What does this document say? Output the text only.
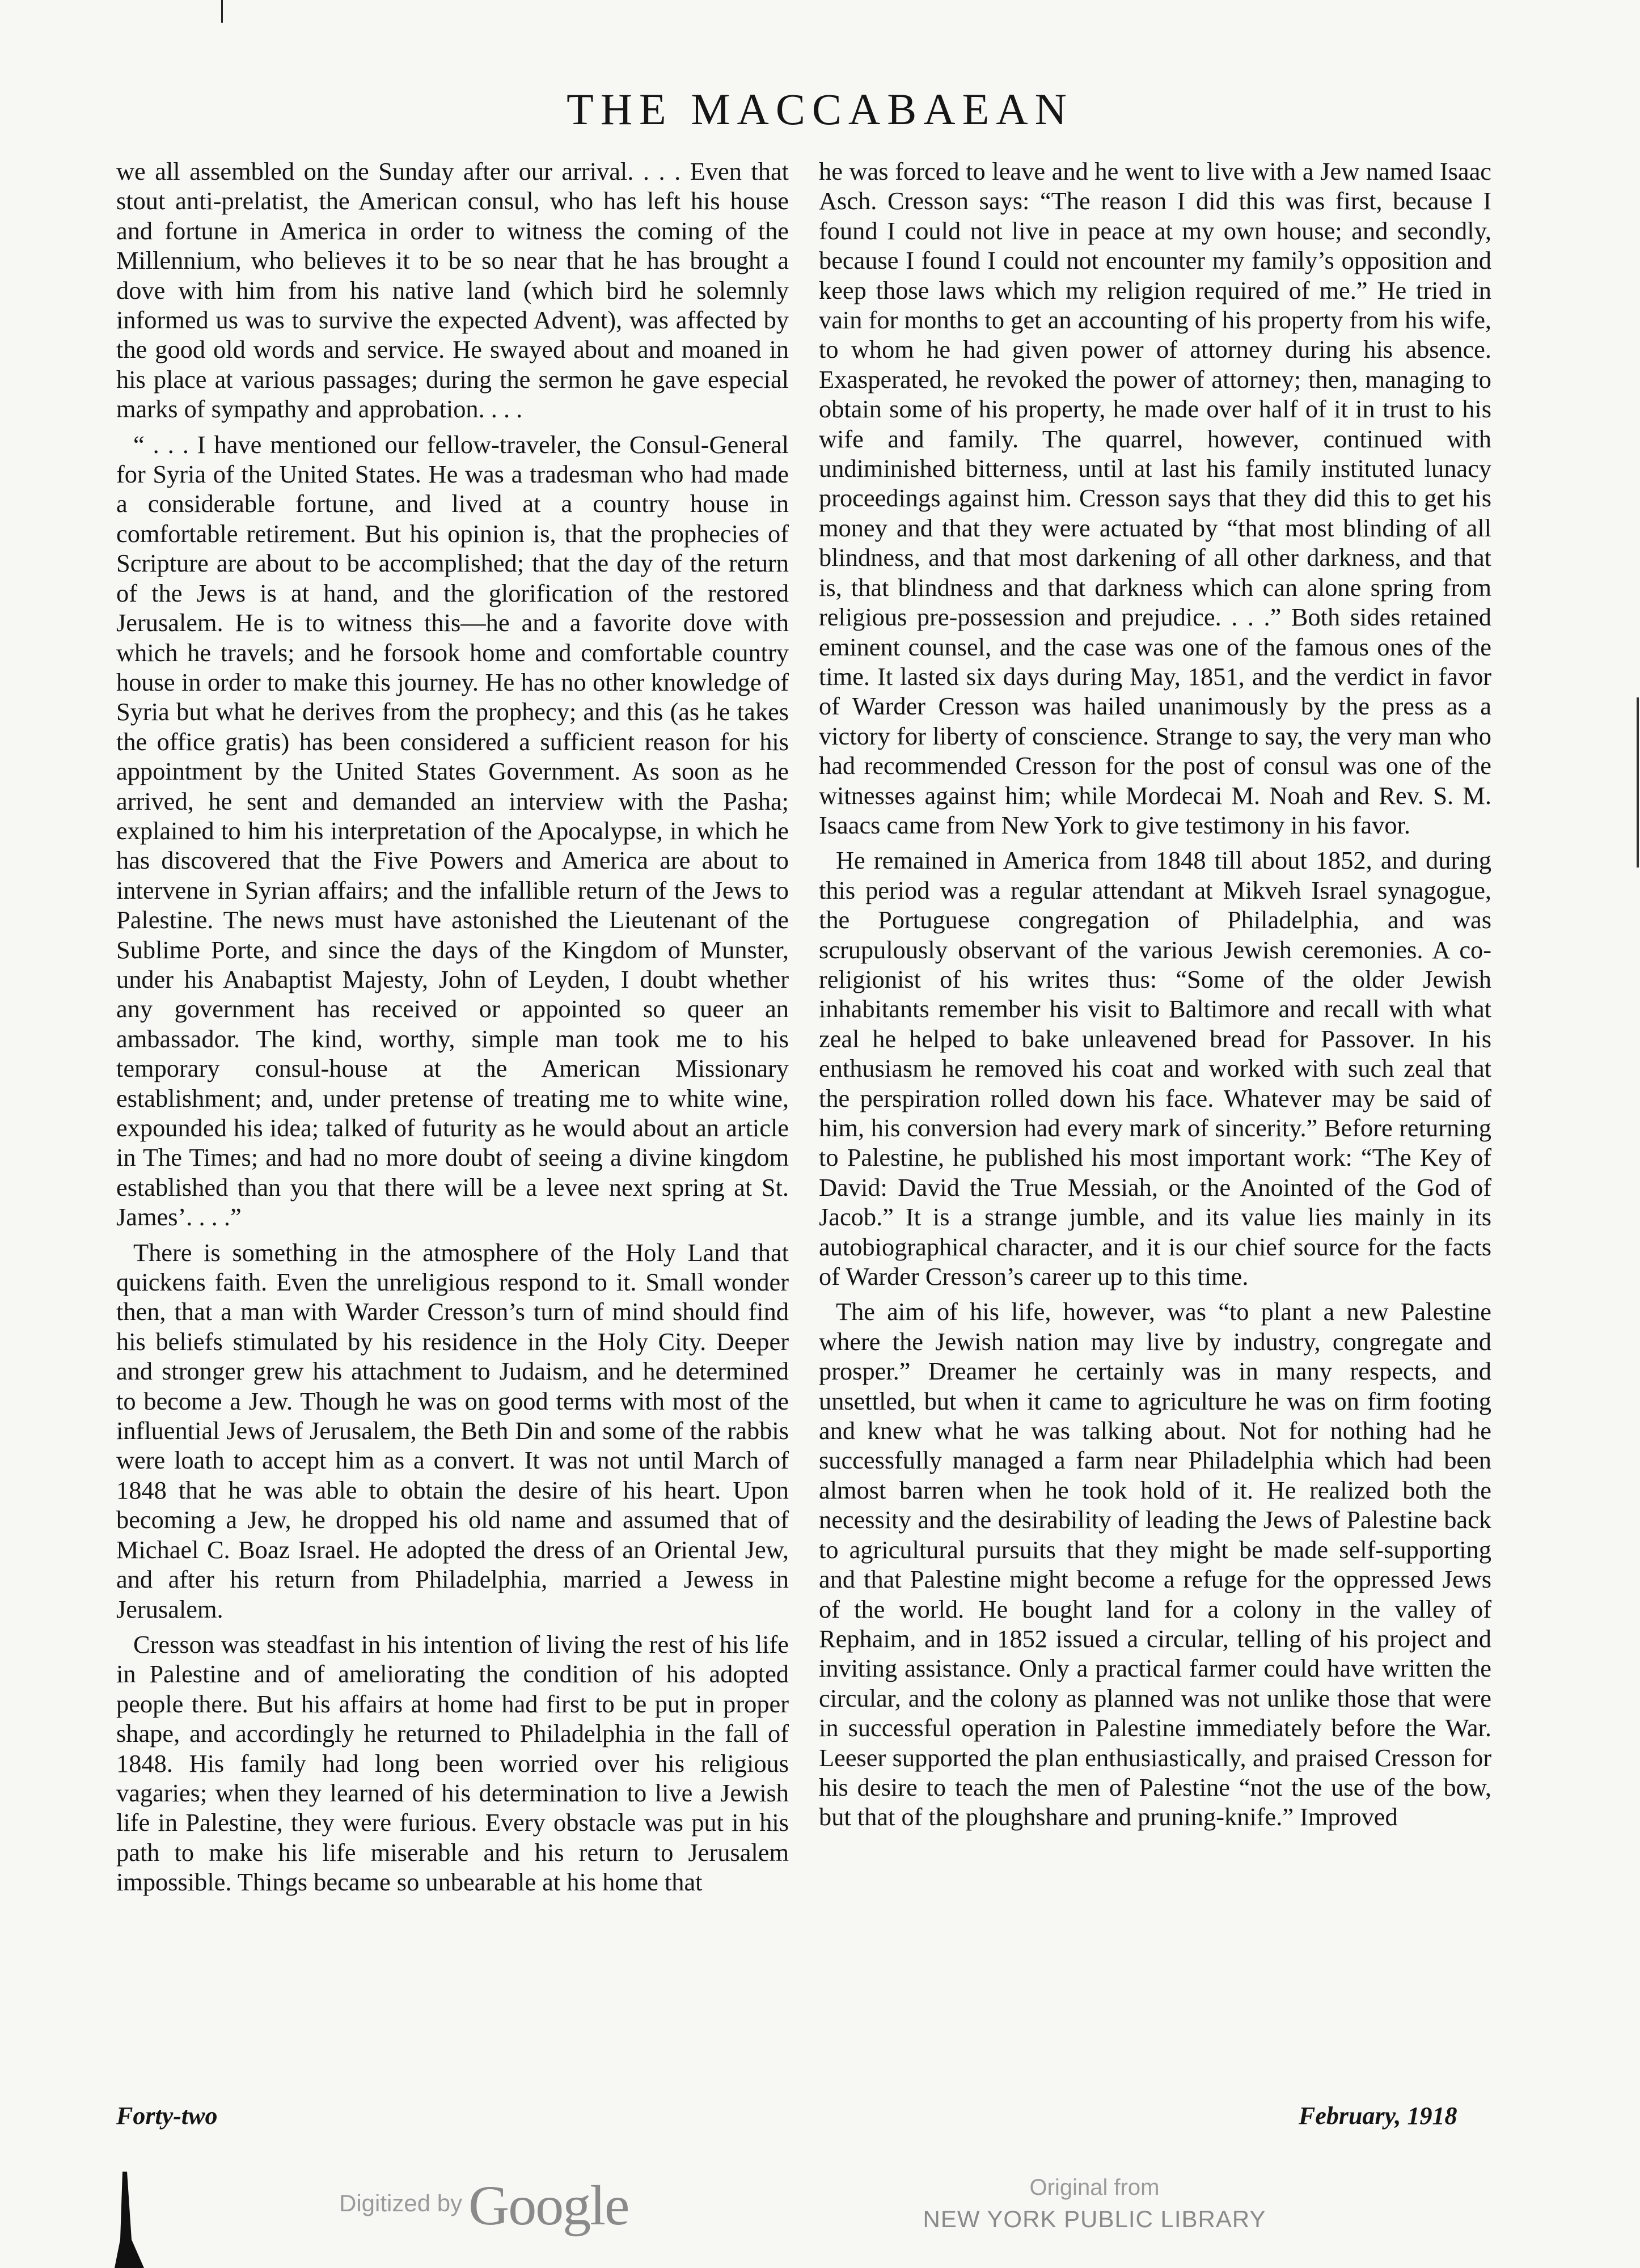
THE MACCABAEAN

we all assembled on the Sunday after our arrival. . . . Even that stout anti-prelatist, the American consul, who has left his house and fortune in America in order to witness the coming of the Millennium, who believes it to be so near that he has brought a dove with him from his native land (which bird he solemnly informed us was to survive the expected Advent), was affected by the good old words and service. He swayed about and moaned in his place at various passages; during the sermon he gave especial marks of sympathy and approbation. . . .

“ . . . I have mentioned our fellow-traveler, the Consul-General for Syria of the United States. He was a tradesman who had made a considerable fortune, and lived at a country house in comfortable retirement. But his opinion is, that the prophecies of Scripture are about to be accomplished; that the day of the return of the Jews is at hand, and the glorification of the restored Jerusalem. He is to witness this—he and a favorite dove with which he travels; and he forsook home and comfortable country house in order to make this journey. He has no other knowledge of Syria but what he derives from the prophecy; and this (as he takes the office gratis) has been considered a sufficient reason for his appointment by the United States Government. As soon as he arrived, he sent and demanded an interview with the Pasha; explained to him his interpretation of the Apocalypse, in which he has discovered that the Five Powers and America are about to intervene in Syrian affairs; and the infallible return of the Jews to Palestine. The news must have astonished the Lieutenant of the Sublime Porte, and since the days of the Kingdom of Munster, under his Anabaptist Majesty, John of Leyden, I doubt whether any government has received or appointed so queer an ambassador. The kind, worthy, simple man took me to his temporary consul-house at the American Missionary establishment; and, under pretense of treating me to white wine, expounded his idea; talked of futurity as he would about an article in The Times; and had no more doubt of seeing a divine kingdom established than you that there will be a levee next spring at St. James’. . . .”

There is something in the atmosphere of the Holy Land that quickens faith. Even the unreligious respond to it. Small wonder then, that a man with Warder Cresson’s turn of mind should find his beliefs stimulated by his residence in the Holy City. Deeper and stronger grew his attachment to Judaism, and he determined to become a Jew. Though he was on good terms with most of the influential Jews of Jerusalem, the Beth Din and some of the rabbis were loath to accept him as a convert. It was not until March of 1848 that he was able to obtain the desire of his heart. Upon becoming a Jew, he dropped his old name and assumed that of Michael C. Boaz Israel. He adopted the dress of an Oriental Jew, and after his return from Philadelphia, married a Jewess in Jerusalem.

Cresson was steadfast in his intention of living the rest of his life in Palestine and of ameliorating the condition of his adopted people there. But his affairs at home had first to be put in proper shape, and accordingly he returned to Philadelphia in the fall of 1848. His family had long been worried over his religious vagaries; when they learned of his determination to live a Jewish life in Palestine, they were furious. Every obstacle was put in his path to make his life miserable and his return to Jerusalem impossible. Things became so unbearable at his home that

he was forced to leave and he went to live with a Jew named Isaac Asch. Cresson says: “The reason I did this was first, because I found I could not live in peace at my own house; and secondly, because I found I could not encounter my family’s opposition and keep those laws which my religion required of me.” He tried in vain for months to get an accounting of his property from his wife, to whom he had given power of attorney during his absence. Exasperated, he revoked the power of attorney; then, managing to obtain some of his property, he made over half of it in trust to his wife and family. The quarrel, however, continued with undiminished bitterness, until at last his family instituted lunacy proceedings against him. Cresson says that they did this to get his money and that they were actuated by “that most blinding of all blindness, and that most darkening of all other darkness, and that is, that blindness and that darkness which can alone spring from religious pre-possession and prejudice. . . .” Both sides retained eminent counsel, and the case was one of the famous ones of the time. It lasted six days during May, 1851, and the verdict in favor of Warder Cresson was hailed unanimously by the press as a victory for liberty of conscience. Strange to say, the very man who had recommended Cresson for the post of consul was one of the witnesses against him; while Mordecai M. Noah and Rev. S. M. Isaacs came from New York to give testimony in his favor.

He remained in America from 1848 till about 1852, and during this period was a regular attendant at Mikveh Israel synagogue, the Portuguese congregation of Philadelphia, and was scrupulously observant of the various Jewish ceremonies. A co-religionist of his writes thus: “Some of the older Jewish inhabitants remember his visit to Baltimore and recall with what zeal he helped to bake unleavened bread for Passover. In his enthusiasm he removed his coat and worked with such zeal that the perspiration rolled down his face. Whatever may be said of him, his conversion had every mark of sincerity.” Before returning to Palestine, he published his most important work: “The Key of David: David the True Messiah, or the Anointed of the God of Jacob.” It is a strange jumble, and its value lies mainly in its autobiographical character, and it is our chief source for the facts of Warder Cresson’s career up to this time.

The aim of his life, however, was “to plant a new Palestine where the Jewish nation may live by industry, congregate and prosper.” Dreamer he certainly was in many respects, and unsettled, but when it came to agriculture he was on firm footing and knew what he was talking about. Not for nothing had he successfully managed a farm near Philadelphia which had been almost barren when he took hold of it. He realized both the necessity and the desirability of leading the Jews of Palestine back to agricultural pursuits that they might be made self-supporting and that Palestine might become a refuge for the oppressed Jews of the world. He bought land for a colony in the valley of Rephaim, and in 1852 issued a circular, telling of his project and inviting assistance. Only a practical farmer could have written the circular, and the colony as planned was not unlike those that were in successful operation in Palestine immediately before the War. Leeser supported the plan enthusiastically, and praised Cresson for his desire to teach the men of Palestine “not the use of the bow, but that of the ploughshare and pruning-knife.” Improved

Forty-two	February, 1918
Digitized by Google	Original from
NEW YORK PUBLIC LIBRARY
